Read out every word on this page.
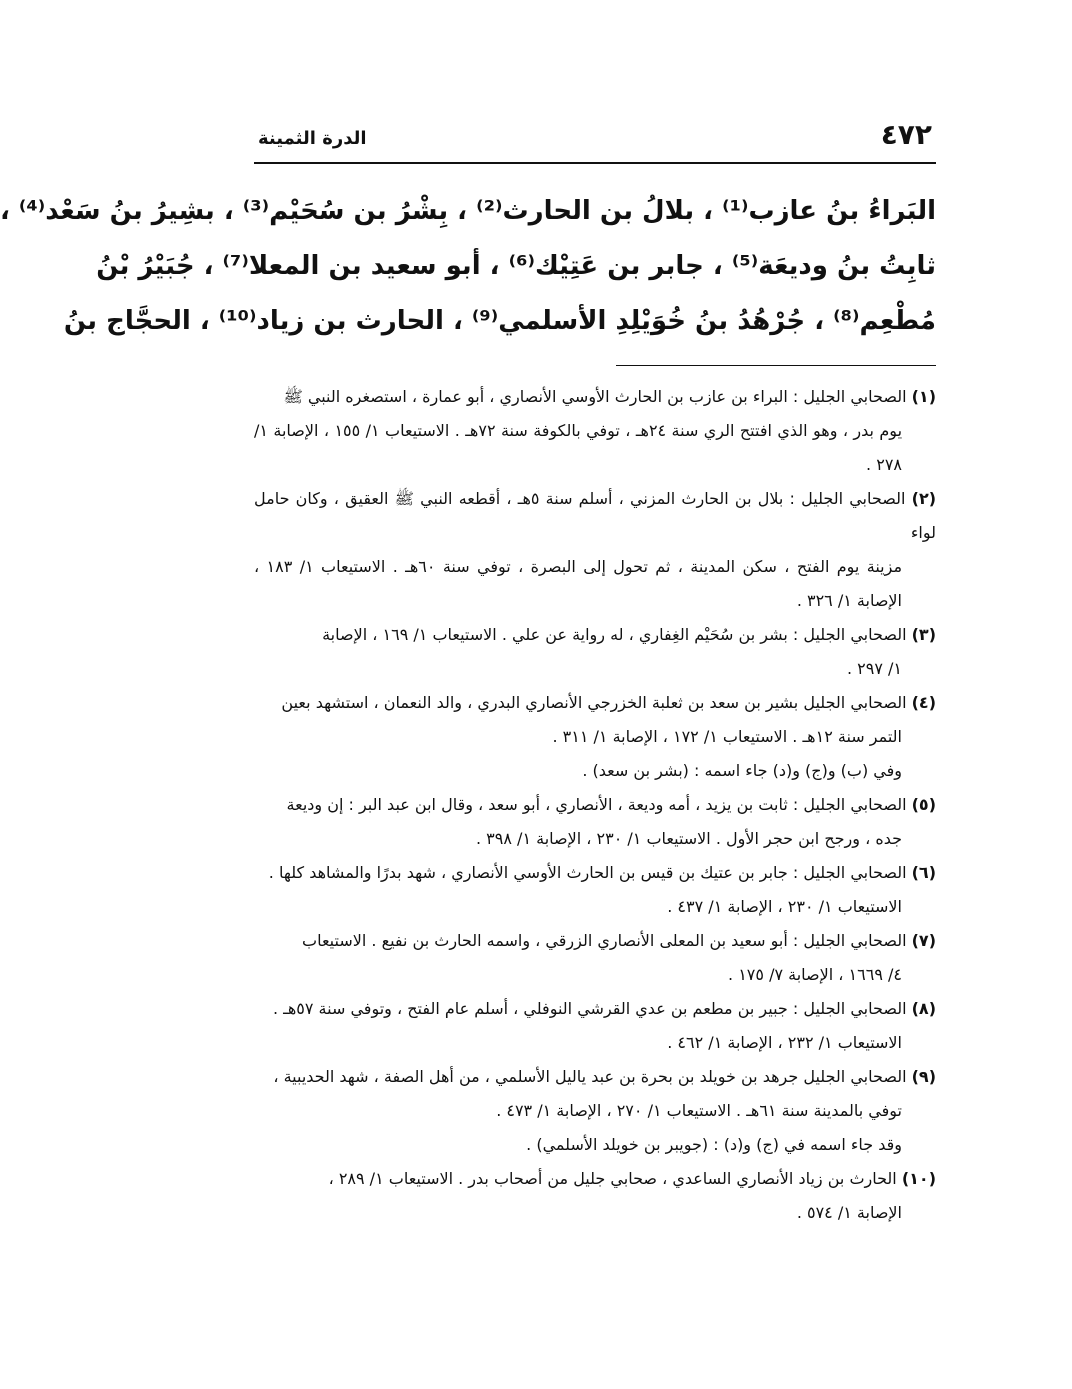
٤٧٢
الدرة الثمينة
البَراءُ بنُ عازب⁽¹⁾ ، بلالُ بن الحارث⁽²⁾ ، بِشْرُ بن سُحَيْم⁽³⁾ ، بشِيرُ بنُ سَعْد⁽⁴⁾ ،
ثابِتُ بنُ وديعَة⁽⁵⁾ ، جابر بن عَتِيْك⁽⁶⁾ ، أبو سعيد بن المعلا⁽⁷⁾ ، جُبَيْرُ بْنُ
مُطْعِم⁽⁸⁾ ، جُرْهُدُ بنُ خُوَيْلِدِ الأسلمي⁽⁹⁾ ، الحارث بن زياد⁽¹⁰⁾ ، الحجَّاج بنُ
(١) الصحابي الجليل : البراء بن عازب بن الحارث الأوسي الأنصاري ، أبو عمارة ، استصغره النبي ﷺ
يوم بدر ، وهو الذي افتتح الري سنة ٢٤هـ ، توفي بالكوفة سنة ٧٢هـ . الاستيعاب ١/ ١٥٥ ، الإصابة ١/ ٢٧٨ .
(٢) الصحابي الجليل : بلال بن الحارث المزني ، أسلم سنة ٥هـ ، أقطعه النبي ﷺ العقيق ، وكان حامل لواء
مزينة يوم الفتح ، سكن المدينة ، ثم تحول إلى البصرة ، توفي سنة ٦٠هـ . الاستيعاب ١/ ١٨٣ ، الإصابة ١/ ٣٢٦ .
(٣) الصحابي الجليل : بشر بن سُحَيْم الغِفاري ، له رواية عن علي . الاستيعاب ١/ ١٦٩ ، الإصابة
١/ ٢٩٧ .
(٤) الصحابي الجليل بشير بن سعد بن ثعلبة الخزرجي الأنصاري البدري ، والد النعمان ، استشهد بعين
التمر سنة ١٢هـ . الاستيعاب ١/ ١٧٢ ، الإصابة ١/ ٣١١ .
وفي (ب) و(ج) و(د) جاء اسمه : (بشر بن سعد) .
(٥) الصحابي الجليل : ثابت بن يزيد ، أمه وديعة ، الأنصاري ، أبو سعد ، وقال ابن عبد البر : إن وديعة
جده ، ورجح ابن حجر الأول . الاستيعاب ١/ ٢٣٠ ، الإصابة ١/ ٣٩٨ .
(٦) الصحابي الجليل : جابر بن عتيك بن قيس بن الحارث الأوسي الأنصاري ، شهد بدرًا والمشاهد كلها .
الاستيعاب ١/ ٢٣٠ ، الإصابة ١/ ٤٣٧ .
(٧) الصحابي الجليل : أبو سعيد بن المعلى الأنصاري الزرقي ، واسمه الحارث بن نفيع . الاستيعاب
٤/ ١٦٦٩ ، الإصابة ٧/ ١٧٥ .
(٨) الصحابي الجليل : جبير بن مطعم بن عدي القرشي النوفلي ، أسلم عام الفتح ، وتوفي سنة ٥٧هـ .
الاستيعاب ١/ ٢٣٢ ، الإصابة ١/ ٤٦٢ .
(٩) الصحابي الجليل جرهد بن خويلد بن بحرة بن عبد ياليل الأسلمي ، من أهل الصفة ، شهد الحديبية ،
توفي بالمدينة سنة ٦١هـ . الاستيعاب ١/ ٢٧٠ ، الإصابة ١/ ٤٧٣ .
وقد جاء اسمه في (ج) و(د) : (جويبر بن خويلد الأسلمي) .
(١٠) الحارث بن زياد الأنصاري الساعدي ، صحابي جليل من أصحاب بدر . الاستيعاب ١/ ٢٨٩ ،
الإصابة ١/ ٥٧٤ .
